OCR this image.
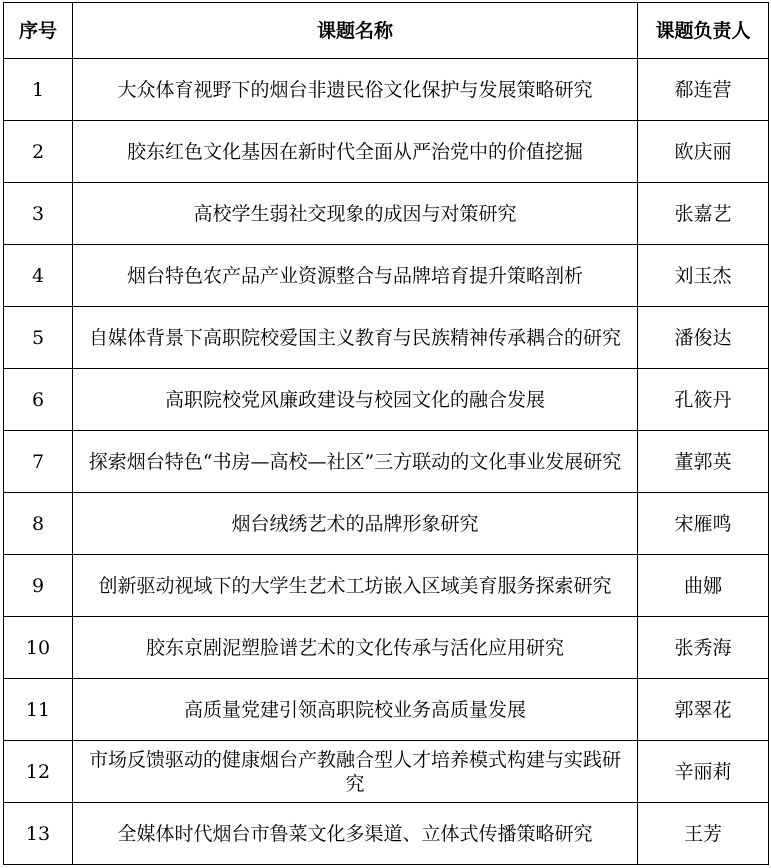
序号	课题名称	课题负责人
1	大众体育视野下的烟台非遗民俗文化保护与发展策略研究	郗连营
2	胶东红色文化基因在新时代全面从严治党中的价值挖掘	欧庆丽
3	高校学生弱社交现象的成因与对策研究	张嘉艺
4	烟台特色农产品产业资源整合与品牌培育提升策略剖析	刘玉杰
5	自媒体背景下高职院校爱国主义教育与民族精神传承耦合的研究	潘俊达
6	高职院校党风廉政建设与校园文化的融合发展	孔筱丹
7	探索烟台特色“书房—高校—社区”三方联动的文化事业发展研究	董郭英
8	烟台绒绣艺术的品牌形象研究	宋雁鸣
9	创新驱动视域下的大学生艺术工坊嵌入区域美育服务探索研究	曲娜
10	胶东京剧泥塑脸谱艺术的文化传承与活化应用研究	张秀海
11	高质量党建引领高职院校业务高质量发展	郭翠花
12	市场反馈驱动的健康烟台产教融合型人才培养模式构建与实践研究	辛丽莉
13	全媒体时代烟台市鲁菜文化多渠道、立体式传播策略研究	王芳
